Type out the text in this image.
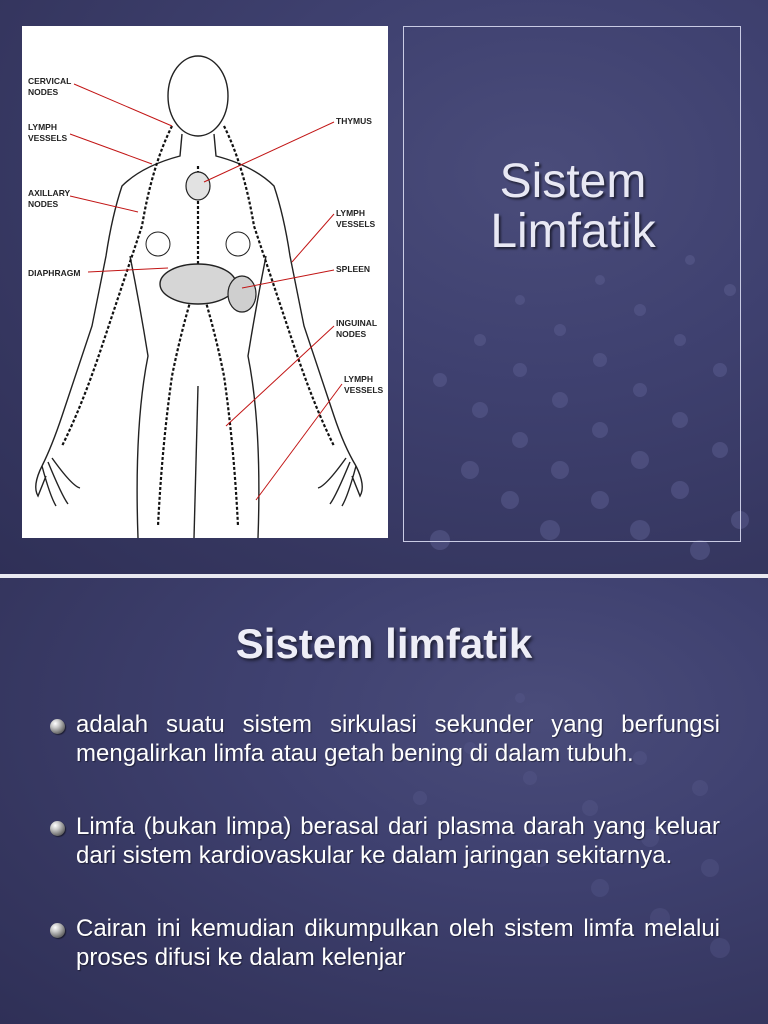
CERVICAL
NODES
LYMPH
VESSELS
AXILLARY
NODES
DIAPHRAGM
THYMUS
LYMPH
VESSELS
SPLEEN
INGUINAL
NODES
LYMPH
VESSELS
Sistem
Limfatik
Sistem limfatik
adalah suatu sistem sirkulasi sekunder yang berfungsi mengalirkan limfa atau getah bening di dalam tubuh.
Limfa (bukan limpa) berasal dari plasma darah yang keluar dari sistem kardiovaskular ke dalam jaringan sekitarnya.
Cairan ini kemudian dikumpulkan oleh sistem limfa melalui proses difusi ke dalam kelenjar
